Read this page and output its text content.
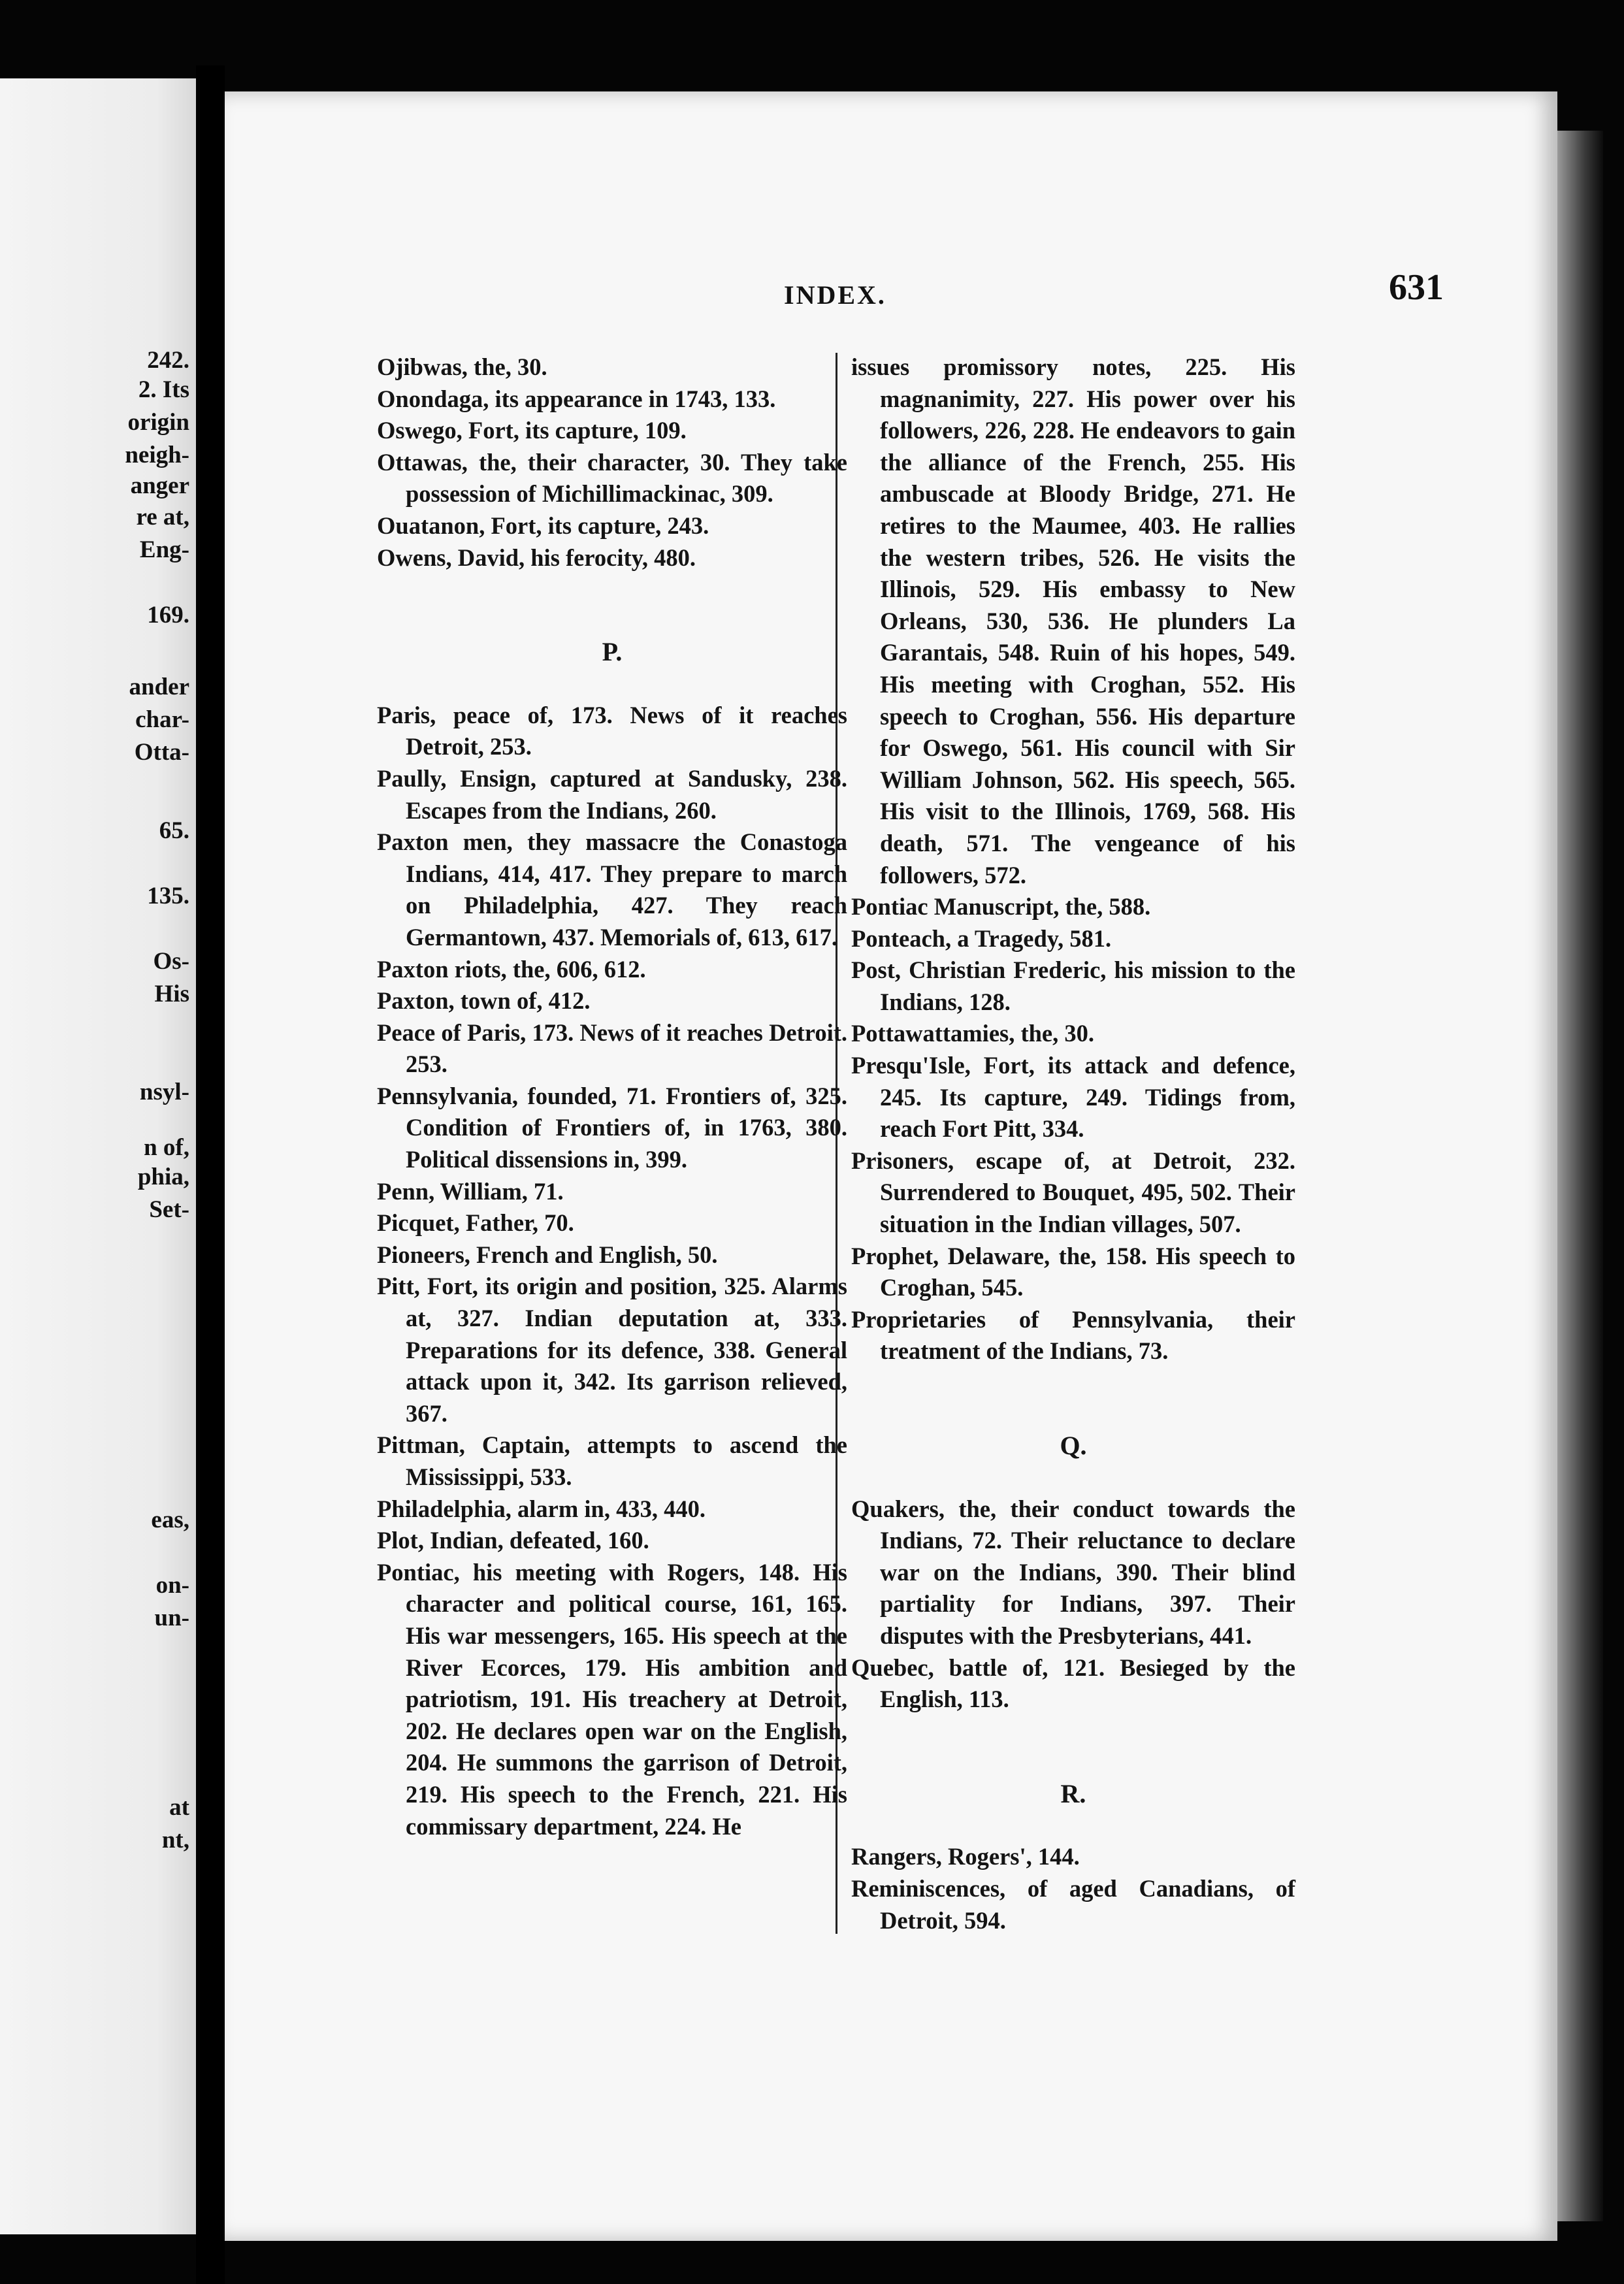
242.
2. Its
origin
neigh-
anger
re at,
Eng-
169.
ander
char-
Otta-
65.
135.
Os-
His
nsyl-
n of,
phia,
Set-
eas,
on-
un-
at
nt,
INDEX.	631
Ojibwas, the, 30.
Onondaga, its appearance in 1743, 133.
Oswego, Fort, its capture, 109.
Ottawas, the, their character, 30. They take possession of Michillimackinac, 309.
Ouatanon, Fort, its capture, 243.
Owens, David, his ferocity, 480.
P.
Paris, peace of, 173. News of it reaches Detroit, 253.
Paully, Ensign, captured at Sandusky, 238. Escapes from the Indians, 260.
Paxton men, they massacre the Conastoga Indians, 414, 417. They prepare to march on Philadelphia, 427. They reach Germantown, 437. Memorials of, 613, 617.
Paxton riots, the, 606, 612.
Paxton, town of, 412.
Peace of Paris, 173. News of it reaches Detroit. 253.
Pennsylvania, founded, 71. Frontiers of, 325. Condition of Frontiers of, in 1763, 380. Political dissensions in, 399.
Penn, William, 71.
Picquet, Father, 70.
Pioneers, French and English, 50.
Pitt, Fort, its origin and position, 325. Alarms at, 327. Indian deputation at, 333. Preparations for its defence, 338. General attack upon it, 342. Its garrison relieved, 367.
Pittman, Captain, attempts to ascend the Mississippi, 533.
Philadelphia, alarm in, 433, 440.
Plot, Indian, defeated, 160.
Pontiac, his meeting with Rogers, 148. His character and political course, 161, 165. His war messengers, 165. His speech at the River Ecorces, 179. His ambition and patriotism, 191. His treachery at Detroit, 202. He declares open war on the English, 204. He summons the garrison of Detroit, 219. His speech to the French, 221. His commissary department, 224. He
issues promissory notes, 225. His magnanimity, 227. His power over his followers, 226, 228. He endeavors to gain the alliance of the French, 255. His ambuscade at Bloody Bridge, 271. He retires to the Maumee, 403. He rallies the western tribes, 526. He visits the Illinois, 529. His embassy to New Orleans, 530, 536. He plunders La Garantais, 548. Ruin of his hopes, 549. His meeting with Croghan, 552. His speech to Croghan, 556. His departure for Oswego, 561. His council with Sir William Johnson, 562. His speech, 565. His visit to the Illinois, 1769, 568. His death, 571. The vengeance of his followers, 572.
Pontiac Manuscript, the, 588.
Ponteach, a Tragedy, 581.
Post, Christian Frederic, his mission to the Indians, 128.
Pottawattamies, the, 30.
Presqu'Isle, Fort, its attack and defence, 245. Its capture, 249. Tidings from, reach Fort Pitt, 334.
Prisoners, escape of, at Detroit, 232. Surrendered to Bouquet, 495, 502. Their situation in the Indian villages, 507.
Prophet, Delaware, the, 158. His speech to Croghan, 545.
Proprietaries of Pennsylvania, their treatment of the Indians, 73.
Q.
Quakers, the, their conduct towards the Indians, 72. Their reluctance to declare war on the Indians, 390. Their blind partiality for Indians, 397. Their disputes with the Presbyterians, 441.
Quebec, battle of, 121. Besieged by the English, 113.
R.
Rangers, Rogers', 144.
Reminiscences, of aged Canadians, of Detroit, 594.
